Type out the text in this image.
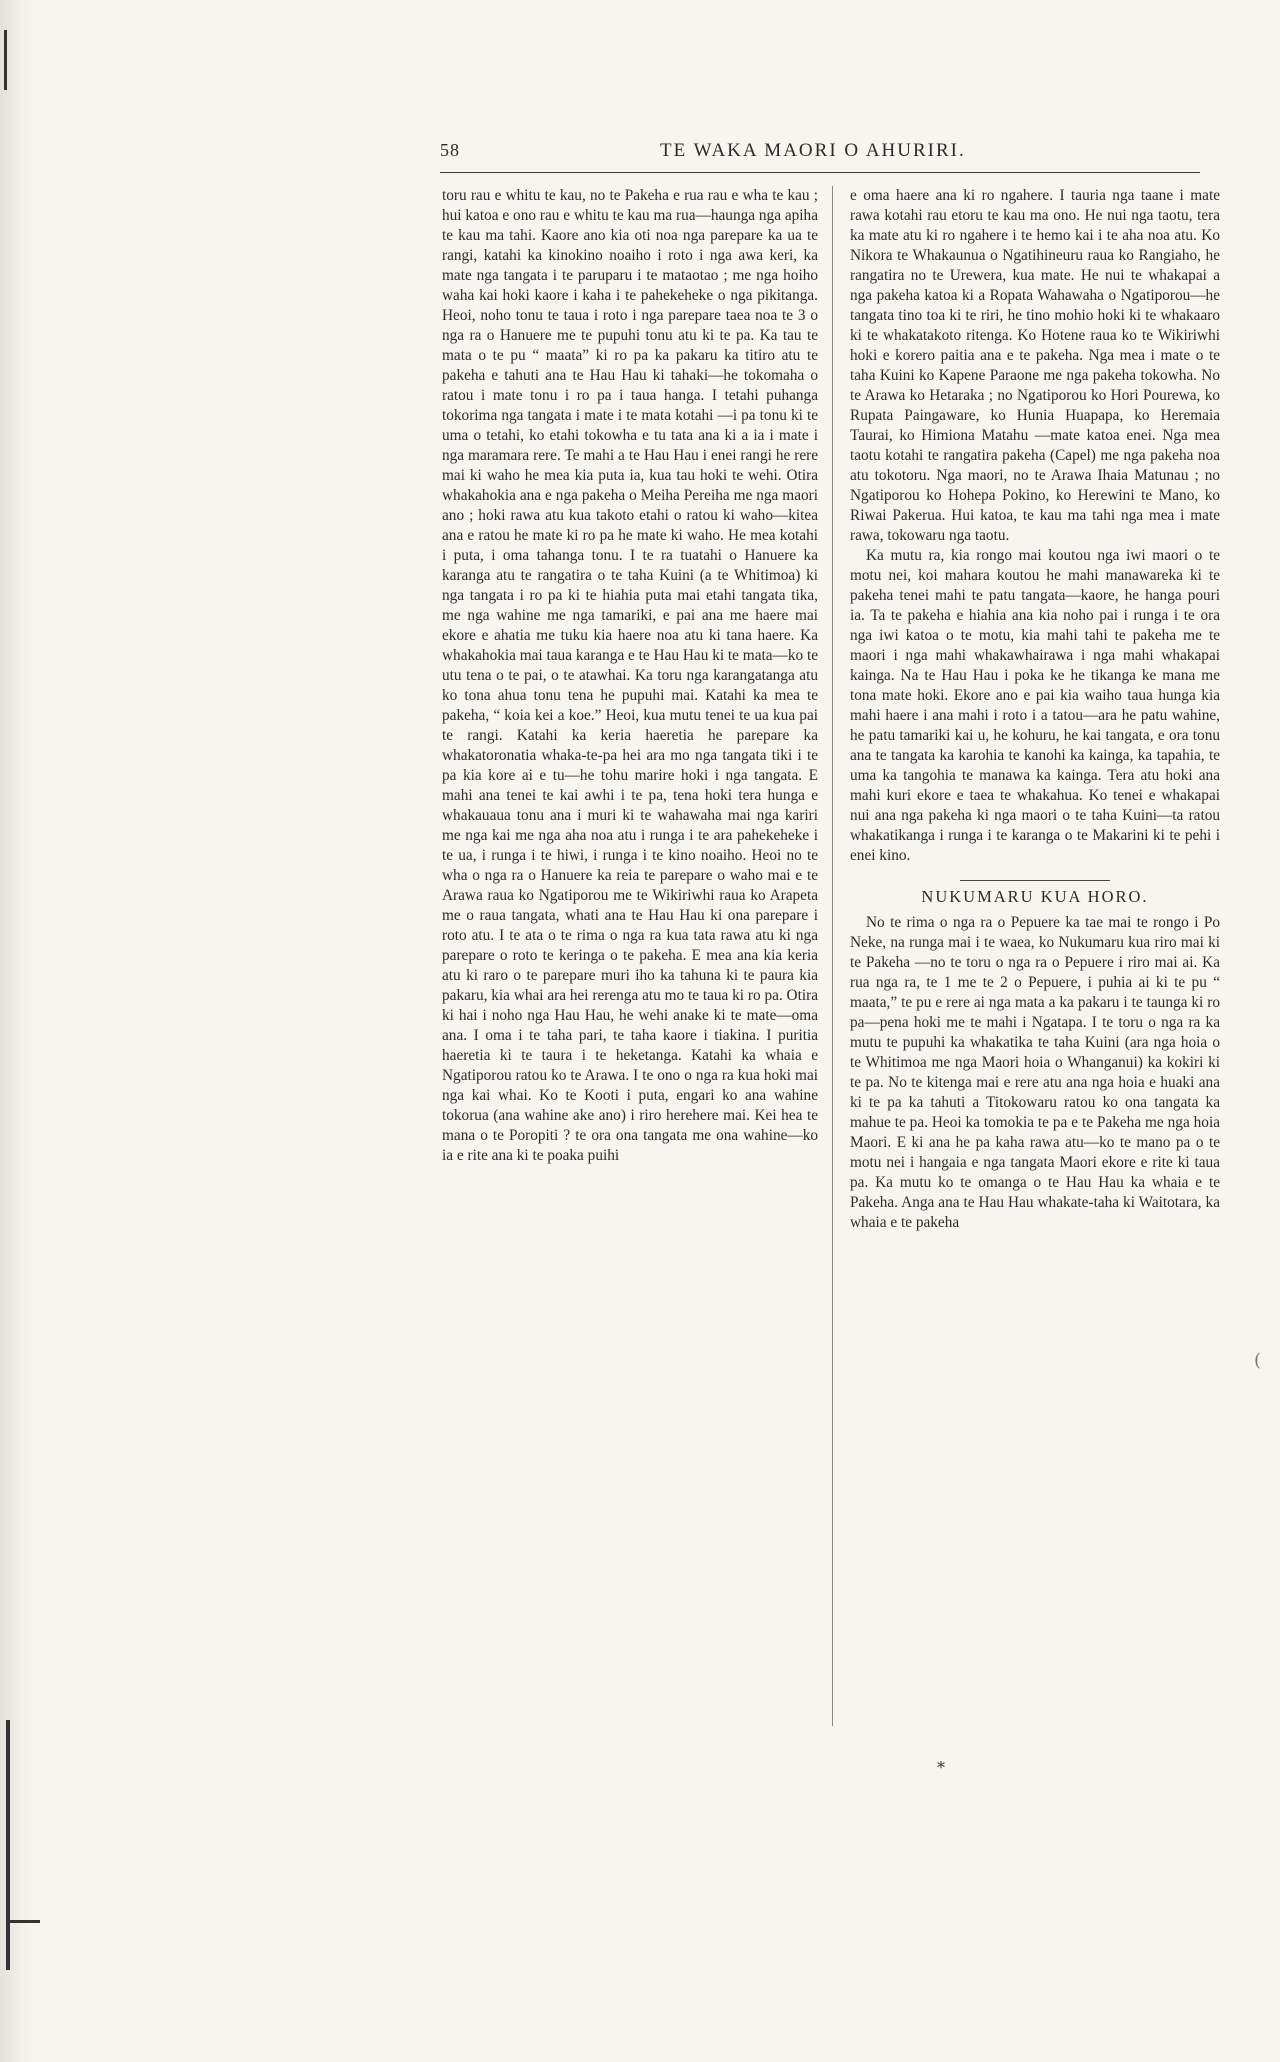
58	TE WAKA MAORI O AHURIRI.

toru rau e whitu te kau, no te Pakeha e rua rau e wha te kau ; hui katoa e ono rau e whitu te kau ma rua—haunga nga apiha te kau ma tahi. Kaore ano kia oti noa nga parepare ka ua te rangi, katahi ka kinokino noaiho i roto i nga awa keri, ka mate nga tangata i te paruparu i te mataotao ; me nga hoiho waha kai hoki kaore i kaha i te pahekeheke o nga pikitanga. Heoi, noho tonu te taua i roto i nga parepare taea noa te 3 o nga ra o Hanuere me te pupuhi tonu atu ki te pa. Ka tau te mata o te pu “ maata” ki ro pa ka pakaru ka titiro atu te pakeha e tahuti ana te Hau Hau ki tahaki—he tokomaha o ratou i mate tonu i ro pa i taua hanga. I tetahi puhanga tokorima nga tangata i mate i te mata kotahi —i pa tonu ki te uma o tetahi, ko etahi tokowha e tu tata ana ki a ia i mate i nga maramara rere. Te mahi a te Hau Hau i enei rangi he rere mai ki waho he mea kia puta ia, kua tau hoki te wehi. Otira whakahokia ana e nga pakeha o Meiha Pereiha me nga maori ano ; hoki rawa atu kua takoto etahi o ratou ki waho—kitea ana e ratou he mate ki ro pa he mate ki waho. He mea kotahi i puta, i oma tahanga tonu. I te ra tuatahi o Hanuere ka karanga atu te rangatira o te taha Kuini (a te Whitimoa) ki nga tangata i ro pa ki te hiahia puta mai etahi tangata tika, me nga wahine me nga tamariki, e pai ana me haere mai ekore e ahatia me tuku kia haere noa atu ki tana haere. Ka whakahokia mai taua karanga e te Hau Hau ki te mata—ko te utu tena o te pai, o te atawhai. Ka toru nga karangatanga atu ko tona ahua tonu tena he pupuhi mai. Katahi ka mea te pakeha, “ koia kei a koe.” Heoi, kua mutu tenei te ua kua pai te rangi. Katahi ka keria haeretia he parepare ka whakatoronatia whaka-te-pa hei ara mo nga tangata tiki i te pa kia kore ai e tu—he tohu marire hoki i nga tangata. E mahi ana tenei te kai awhi i te pa, tena hoki tera hunga e whakauaua tonu ana i muri ki te wahawaha mai nga kariri me nga kai me nga aha noa atu i runga i te ara pahekeheke i te ua, i runga i te hiwi, i runga i te kino noaiho. Heoi no te wha o nga ra o Hanuere ka reia te parepare o waho mai e te Arawa raua ko Ngatiporou me te Wikiriwhi raua ko Arapeta me o raua tangata, whati ana te Hau Hau ki ona parepare i roto atu. I te ata o te rima o nga ra kua tata rawa atu ki nga parepare o roto te keringa o te pakeha. E mea ana kia keria atu ki raro o te parepare muri iho ka tahuna ki te paura kia pakaru, kia whai ara hei rerenga atu mo te taua ki ro pa. Otira ki hai i noho nga Hau Hau, he wehi anake ki te mate—oma ana. I oma i te taha pari, te taha kaore i tiakina. I puritia haeretia ki te taura i te heketanga. Katahi ka whaia e Ngatiporou ratou ko te Arawa. I te ono o nga ra kua hoki mai nga kai whai. Ko te Kooti i puta, engari ko ana wahine tokorua (ana wahine ake ano) i riro herehere mai. Kei hea te mana o te Poropiti ? te ora ona tangata me ona wahine—ko ia e rite ana ki te poaka puihi

e oma haere ana ki ro ngahere. I tauria nga taane i mate rawa kotahi rau etoru te kau ma ono. He nui nga taotu, tera ka mate atu ki ro ngahere i te hemo kai i te aha noa atu. Ko Nikora te Whakaunua o Ngatihineuru raua ko Rangiaho, he rangatira no te Urewera, kua mate. He nui te whakapai a nga pakeha katoa ki a Ropata Wahawaha o Ngatiporou—he tangata tino toa ki te riri, he tino mohio hoki ki te whakaaro ki te whakatakoto ritenga. Ko Hotene raua ko te Wikiriwhi hoki e korero paitia ana e te pakeha. Nga mea i mate o te taha Kuini ko Kapene Paraone me nga pakeha tokowha. No te Arawa ko Hetaraka ; no Ngatiporou ko Hori Pourewa, ko Rupata Paingaware, ko Hunia Huapapa, ko Heremaia Taurai, ko Himiona Matahu —mate katoa enei. Nga mea taotu kotahi te rangatira pakeha (Capel) me nga pakeha noa atu tokotoru. Nga maori, no te Arawa Ihaia Matunau ; no Ngatiporou ko Hohepa Pokino, ko Herewini te Mano, ko Riwai Pakerua. Hui katoa, te kau ma tahi nga mea i mate rawa, tokowaru nga taotu.

Ka mutu ra, kia rongo mai koutou nga iwi maori o te motu nei, koi mahara koutou he mahi manawareka ki te pakeha tenei mahi te patu tangata—kaore, he hanga pouri ia. Ta te pakeha e hiahia ana kia noho pai i runga i te ora nga iwi katoa o te motu, kia mahi tahi te pakeha me te maori i nga mahi whakawhairawa i nga mahi whakapai kainga. Na te Hau Hau i poka ke he tikanga ke mana me tona mate hoki. Ekore ano e pai kia waiho taua hunga kia mahi haere i ana mahi i roto i a tatou—ara he patu wahine, he patu tamariki kai u, he kohuru, he kai tangata, e ora tonu ana te tangata ka karohia te kanohi ka kainga, ka tapahia, te uma ka tangohia te manawa ka kainga. Tera atu hoki ana mahi kuri ekore e taea te whakahua. Ko tenei e whakapai nui ana nga pakeha ki nga maori o te taha Kuini—ta ratou whakatikanga i runga i te karanga o te Makarini ki te pehi i enei kino.

NUKUMARU KUA HORO.

No te rima o nga ra o Pepuere ka tae mai te rongo i Po Neke, na runga mai i te waea, ko Nukumaru kua riro mai ki te Pakeha —no te toru o nga ra o Pepuere i riro mai ai. Ka rua nga ra, te 1 me te 2 o Pepuere, i puhia ai ki te pu “ maata,” te pu e rere ai nga mata a ka pakaru i te taunga ki ro pa—pena hoki me te mahi i Ngatapa. I te toru o nga ra ka mutu te pupuhi ka whakatika te taha Kuini (ara nga hoia o te Whitimoa me nga Maori hoia o Whanganui) ka kokiri ki te pa. No te kitenga mai e rere atu ana nga hoia e huaki ana ki te pa ka tahuti a Titokowaru ratou ko ona tangata ka mahue te pa. Heoi ka tomokia te pa e te Pakeha me nga hoia Maori. E ki ana he pa kaha rawa atu—ko te mano pa o te motu nei i hangaia e nga tangata Maori ekore e rite ki taua pa. Ka mutu ko te omanga o te Hau Hau ka whaia e te Pakeha. Anga ana te Hau Hau whakate-taha ki Waitotara, ka whaia e te pakeha

*
(
